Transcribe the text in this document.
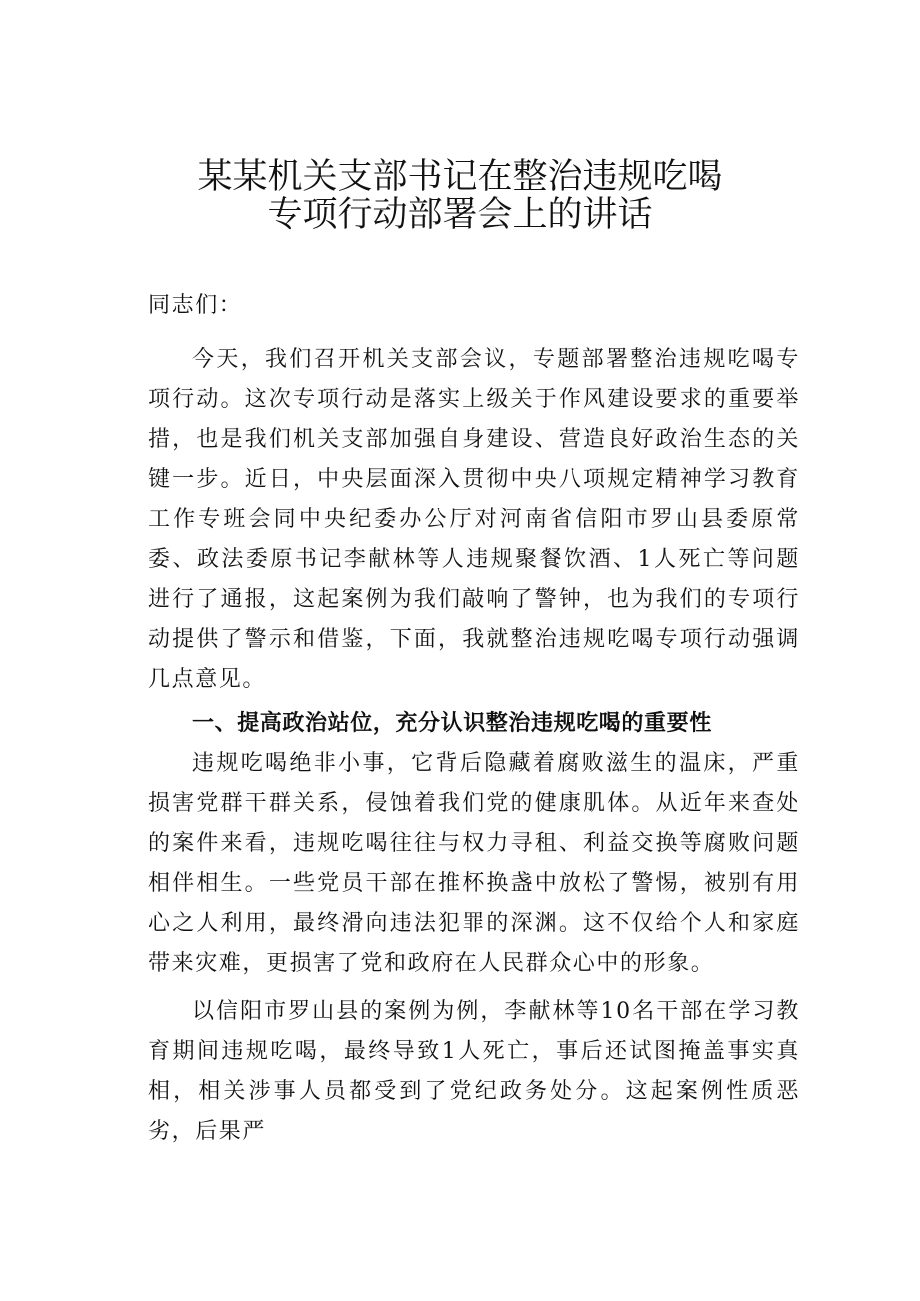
某某机关支部书记在整治违规吃喝
专项行动部署会上的讲话

同志们：

今天，我们召开机关支部会议，专题部署整治违规吃喝专项行动。这次专项行动是落实上级关于作风建设要求的重要举措，也是我们机关支部加强自身建设、营造良好政治生态的关键一步。近日，中央层面深入贯彻中央八项规定精神学习教育工作专班会同中央纪委办公厅对河南省信阳市罗山县委原常委、政法委原书记李献林等人违规聚餐饮酒、1人死亡等问题进行了通报，这起案例为我们敲响了警钟，也为我们的专项行动提供了警示和借鉴，下面，我就整治违规吃喝专项行动强调几点意见。

一、提高政治站位，充分认识整治违规吃喝的重要性

违规吃喝绝非小事，它背后隐藏着腐败滋生的温床，严重损害党群干群关系，侵蚀着我们党的健康肌体。从近年来查处的案件来看，违规吃喝往往与权力寻租、利益交换等腐败问题相伴相生。一些党员干部在推杯换盏中放松了警惕，被别有用心之人利用，最终滑向违法犯罪的深渊。这不仅给个人和家庭带来灾难，更损害了党和政府在人民群众心中的形象。

以信阳市罗山县的案例为例，李献林等10名干部在学习教育期间违规吃喝，最终导致1人死亡，事后还试图掩盖事实真相，相关涉事人员都受到了党纪政务处分。这起案例性质恶劣，后果严
